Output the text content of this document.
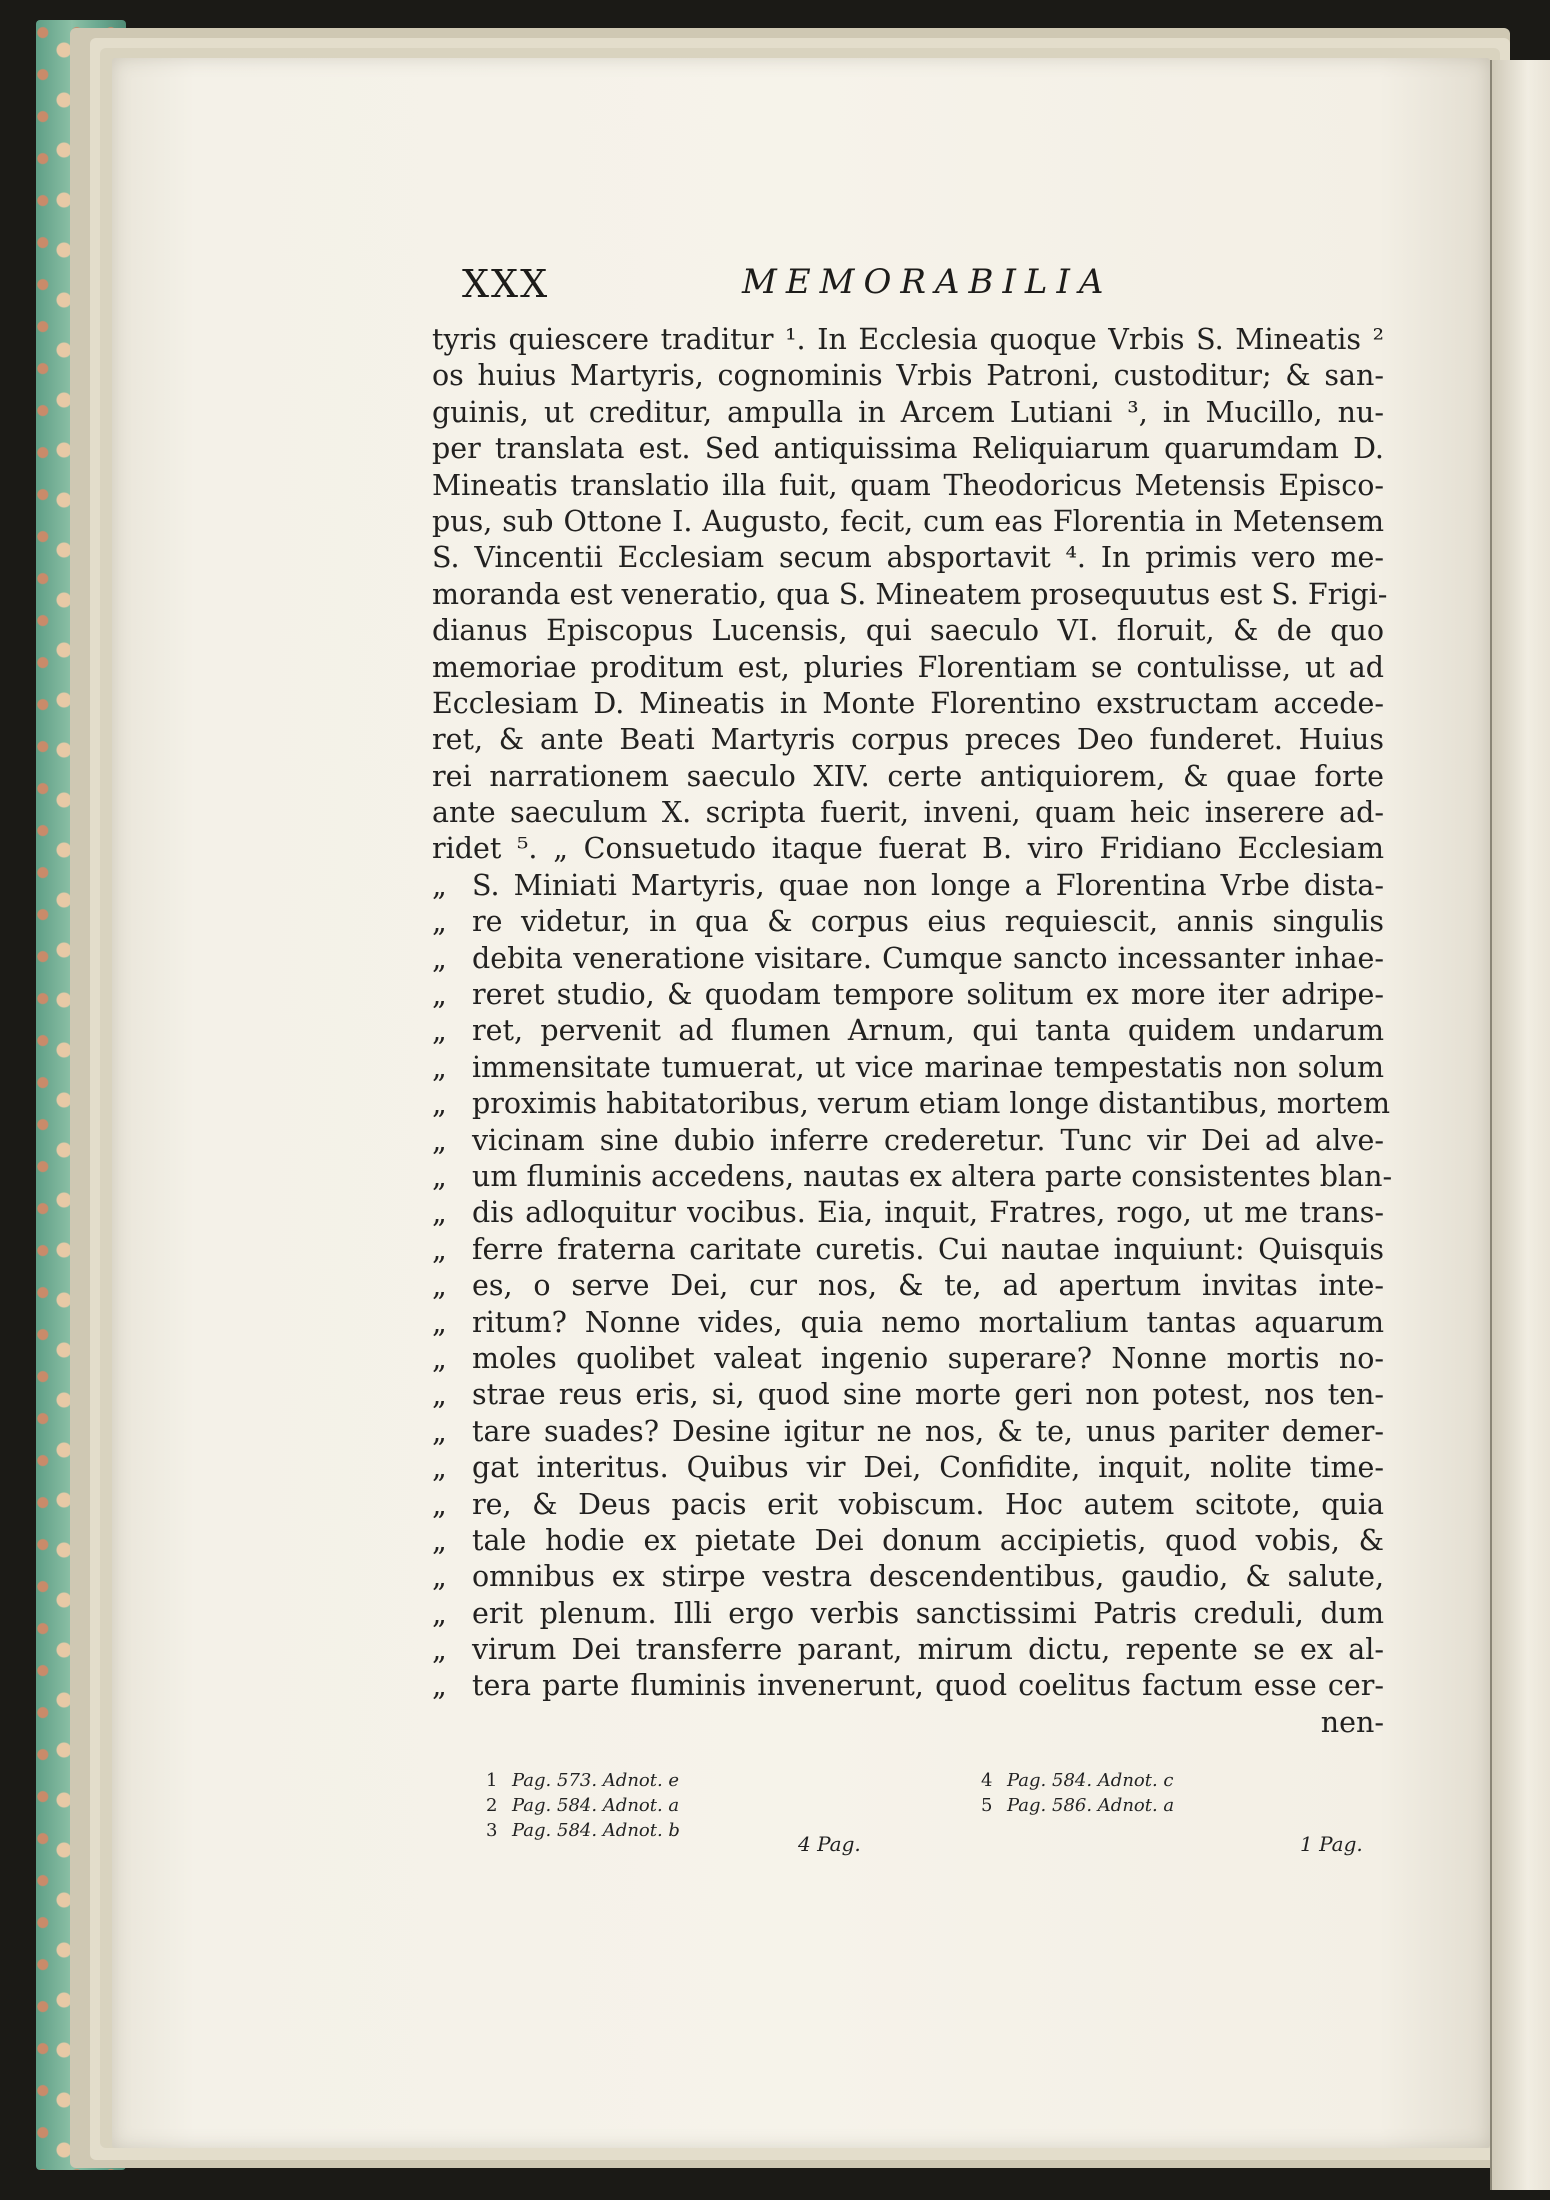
XXX	MEMORABILIA
tyris quiescere traditur ¹. In Ecclesia quoque Vrbis S. Mineatis ²
os huius Martyris, cognominis Vrbis Patroni, custoditur; & san-
guinis, ut creditur, ampulla in Arcem Lutiani ³, in Mucillo, nu-
per translata est. Sed antiquissima Reliquiarum quarumdam D.
Mineatis translatio illa fuit, quam Theodoricus Metensis Episco-
pus, sub Ottone I. Augusto, fecit, cum eas Florentia in Metensem
S. Vincentii Ecclesiam secum absportavit ⁴. In primis vero me-
moranda est veneratio, qua S. Mineatem prosequutus est S. Frigi-
dianus Episcopus Lucensis, qui saeculo VI. floruit, & de quo
memoriae proditum est, pluries Florentiam se contulisse, ut ad
Ecclesiam D. Mineatis in Monte Florentino exstructam accede-
ret, & ante Beati Martyris corpus preces Deo funderet. Huius
rei narrationem saeculo XIV. certe antiquiorem, & quae forte
ante saeculum X. scripta fuerit, inveni, quam heic inserere ad-
ridet ⁵. „ Consuetudo itaque fuerat B. viro Fridiano Ecclesiam
„ S. Miniati Martyris, quae non longe a Florentina Vrbe dista-
„ re videtur, in qua & corpus eius requiescit, annis singulis
„ debita veneratione visitare. Cumque sancto incessanter inhae-
„ reret studio, & quodam tempore solitum ex more iter adripe-
„ ret, pervenit ad flumen Arnum, qui tanta quidem undarum
„ immensitate tumuerat, ut vice marinae tempestatis non solum
„ proximis habitatoribus, verum etiam longe distantibus, mortem
„ vicinam sine dubio inferre crederetur. Tunc vir Dei ad alve-
„ um fluminis accedens, nautas ex altera parte consistentes blan-
„ dis adloquitur vocibus. Eia, inquit, Fratres, rogo, ut me trans-
„ ferre fraterna caritate curetis. Cui nautae inquiunt: Quisquis
„ es, o serve Dei, cur nos, & te, ad apertum invitas inte-
„ ritum? Nonne vides, quia nemo mortalium tantas aquarum
„ moles quolibet valeat ingenio superare? Nonne mortis no-
„ strae reus eris, si, quod sine morte geri non potest, nos ten-
„ tare suades? Desine igitur ne nos, & te, unus pariter demer-
„ gat interitus. Quibus vir Dei, Confidite, inquit, nolite time-
„ re, & Deus pacis erit vobiscum. Hoc autem scitote, quia
„ tale hodie ex pietate Dei donum accipietis, quod vobis, &
„ omnibus ex stirpe vestra descendentibus, gaudio, & salute,
„ erit plenum. Illi ergo verbis sanctissimi Patris creduli, dum
„ virum Dei transferre parant, mirum dictu, repente se ex al-
„ tera parte fluminis invenerunt, quod coelitus factum esse cer-
nen-
1 Pag. 573. Adnot. e
2 Pag. 584. Adnot. a
3 Pag. 584. Adnot. b
4 Pag. 584. Adnot. c
5 Pag. 586. Adnot. a
4 Pag.	1 Pag.
